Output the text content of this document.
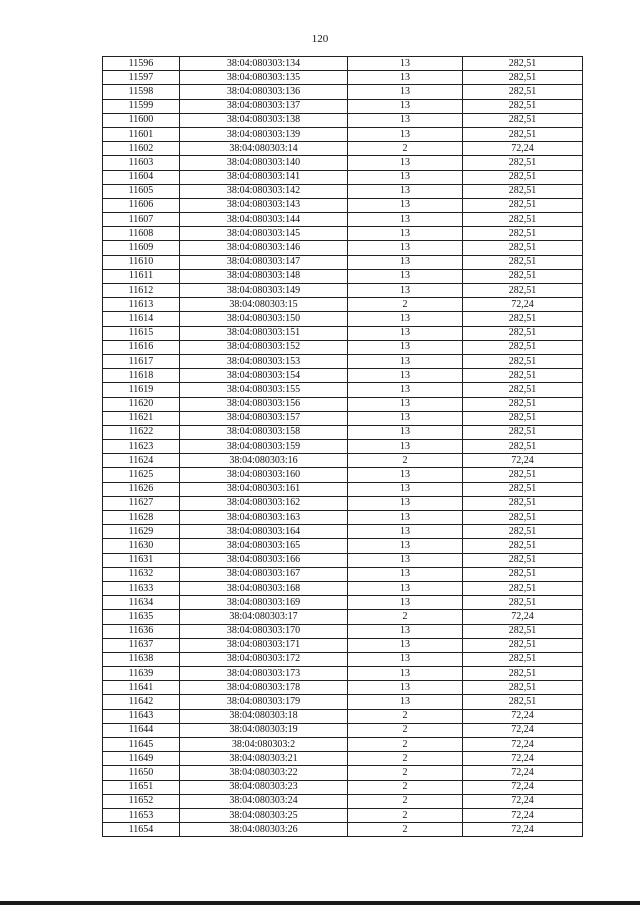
120
11596	38:04:080303:134	13	282,51
11597	38:04:080303:135	13	282,51
11598	38:04:080303:136	13	282,51
11599	38:04:080303:137	13	282,51
11600	38:04:080303:138	13	282,51
11601	38:04:080303:139	13	282,51
11602	38:04:080303:14	2	72,24
11603	38:04:080303:140	13	282,51
11604	38:04:080303:141	13	282,51
11605	38:04:080303:142	13	282,51
11606	38:04:080303:143	13	282,51
11607	38:04:080303:144	13	282,51
11608	38:04:080303:145	13	282,51
11609	38:04:080303:146	13	282,51
11610	38:04:080303:147	13	282,51
11611	38:04:080303:148	13	282,51
11612	38:04:080303:149	13	282,51
11613	38:04:080303:15	2	72,24
11614	38:04:080303:150	13	282,51
11615	38:04:080303:151	13	282,51
11616	38:04:080303:152	13	282,51
11617	38:04:080303:153	13	282,51
11618	38:04:080303:154	13	282,51
11619	38:04:080303:155	13	282,51
11620	38:04:080303:156	13	282,51
11621	38:04:080303:157	13	282,51
11622	38:04:080303:158	13	282,51
11623	38:04:080303:159	13	282,51
11624	38:04:080303:16	2	72,24
11625	38:04:080303:160	13	282,51
11626	38:04:080303:161	13	282,51
11627	38:04:080303:162	13	282,51
11628	38:04:080303:163	13	282,51
11629	38:04:080303:164	13	282,51
11630	38:04:080303:165	13	282,51
11631	38:04:080303:166	13	282,51
11632	38:04:080303:167	13	282,51
11633	38:04:080303:168	13	282,51
11634	38:04:080303:169	13	282,51
11635	38:04:080303:17	2	72,24
11636	38:04:080303:170	13	282,51
11637	38:04:080303:171	13	282,51
11638	38:04:080303:172	13	282,51
11639	38:04:080303:173	13	282,51
11641	38:04:080303:178	13	282,51
11642	38:04:080303:179	13	282,51
11643	38:04:080303:18	2	72,24
11644	38:04:080303:19	2	72,24
11645	38:04:080303:2	2	72,24
11649	38:04:080303:21	2	72,24
11650	38:04:080303:22	2	72,24
11651	38:04:080303:23	2	72,24
11652	38:04:080303:24	2	72,24
11653	38:04:080303:25	2	72,24
11654	38:04:080303:26	2	72,24
